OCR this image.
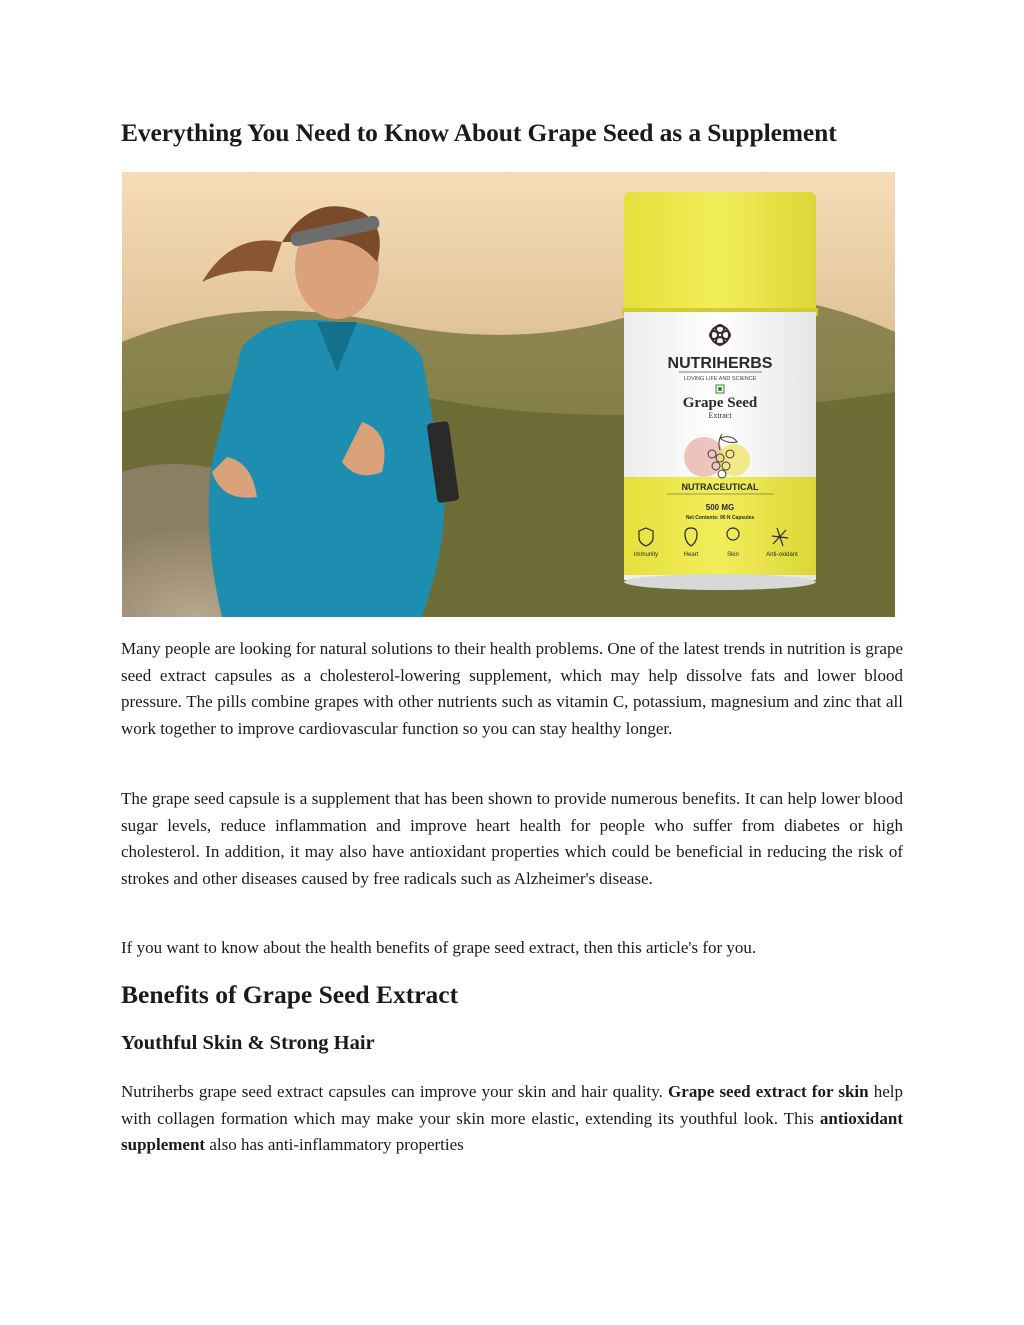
Everything You Need to Know About Grape Seed as a Supplement
NUTRIHERBS
LOVING LIFE AND SCIENCE
Grape Seed
Extract
NUTRACEUTICAL
500 MG
Net Contents: 90 N Capsules
Immunity	Heart	Skin	Anti-oxidant

Many people are looking for natural solutions to their health problems. One of the latest trends in nutrition is grape seed extract capsules as a cholesterol-lowering supplement, which may help dissolve fats and lower blood pressure. The pills combine grapes with other nutrients such as vitamin C, potassium, magnesium and zinc that all work together to improve cardiovascular function so you can stay healthy longer.

The grape seed capsule is a supplement that has been shown to provide numerous benefits. It can help lower blood sugar levels, reduce inflammation and improve heart health for people who suffer from diabetes or high cholesterol. In addition, it may also have antioxidant properties which could be beneficial in reducing the risk of strokes and other diseases caused by free radicals such as Alzheimer's disease.

If you want to know about the health benefits of grape seed extract, then this article's for you.

Benefits of Grape Seed Extract
Youthful Skin & Strong Hair

Nutriherbs grape seed extract capsules can improve your skin and hair quality. Grape seed extract for skin help with collagen formation which may make your skin more elastic, extending its youthful look. This antioxidant supplement also has anti-inflammatory properties
